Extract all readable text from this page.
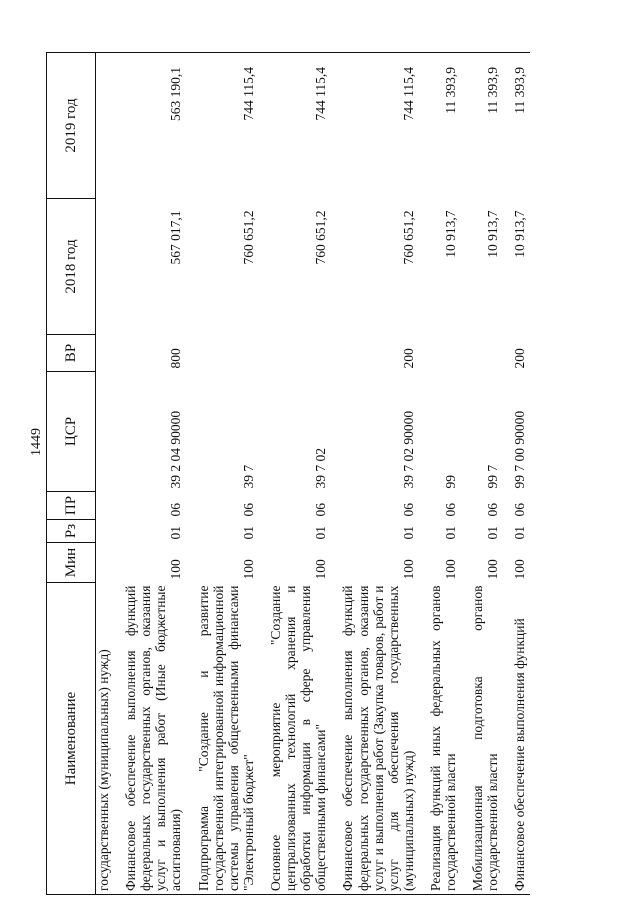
1449
Наименование	Мин	Рз	ПР	ЦСР	ВР	2018 год	2019 год
государственных (муниципальных) нужд)							
Финансовое обеспечение выполнения функций федеральных государственных органов, оказания услуг и выполнения работ (Иные бюджетные ассигнования)	100	01	06	39 2 04 90000	800	567 017,1	563 190,1
Подпрограмма "Создание и развитие государственной интегрированной информационной системы управления общественными финансами "Электронный бюджет"	100	01	06	39 7		760 651,2	744 115,4
Основное мероприятие "Создание централизованных технологий хранения и обработки информации в сфере управления общественными финансами"	100	01	06	39 7 02		760 651,2	744 115,4
Финансовое обеспечение выполнения функций федеральных государственных органов, оказания услуг и выполнения работ (Закупка товаров, работ и услуг для обеспечения государственных (муниципальных) нужд)	100	01	06	39 7 02 90000	200	760 651,2	744 115,4
Реализация функций иных федеральных органов государственной власти	100	01	06	99		10 913,7	11 393,9
Мобилизационная подготовка органов государственной власти	100	01	06	99 7		10 913,7	11 393,9
Финансовое обеспечение выполнения функций	100	01	06	99 7 00 90000	200	10 913,7	11 393,9
